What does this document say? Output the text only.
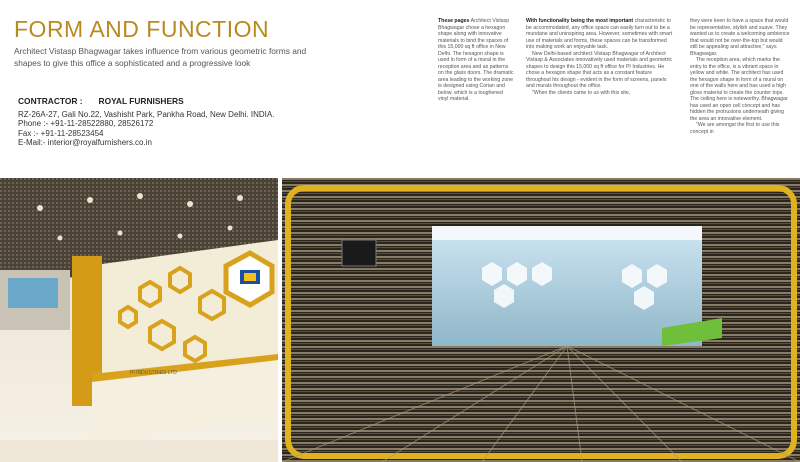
FORM AND FUNCTION
Architect Vistasp Bhagwagar takes influence from various geometric forms and shapes to give this office a sophisticated and a progressive look
CONTRACTOR : ROYAL FURNISHERS
RZ-26A-27, Gali No.22, Vashisht Park, Pankha Road, New Delhi. INDIA.
Phone :- +91-11-28522880, 28526172
Fax :- +91-11-28523454
E-Mail:- interior@royalfurnishers.co.in
These pages Architect Vistasp Bhagwagar chose a hexagon shape along with innovative materials to bind the spaces of this 15,000 sq ft office in New Delhi. The hexagon shape is used in form of a mural in the reception area and as patterns on the glass doors. The dramatic area leading to the working zone is designed using Corian and below, which is a toughened vinyl material.

With functionality being the most important characteristic to be accommodated, any office space can easily turn out to be a mundane and uninspiring area. However, sometimes with smart use of materials and forms, these spaces can be transformed into making work an enjoyable task.

New Delhi-based architect Vistasp Bhagwagar of Architect Vistasp & Associates innovatively used materials and geometric shapes to design this 15,000 sq ft office for PI Industries. He chose a hexagon shape that acts as a constant feature throughout his design - evident in the form of screens, panels and murals throughout the office.

"When the clients came to us with this site,

they were keen to have a space that would be representative, stylish and suave. They wanted us to create a welcoming ambience that would not be over-the-top but would still be appealing and attractive," says Bhagwagar.

The reception area, which marks the entry to the office, is a vibrant space in yellow and white. The architect has used the hexagon shape in form of a mural on one of the walls here and has used a high gloss material to create the counter tops. The ceiling here is noteworthy. Bhagwagar has used an open cell concept and has hidden the protrusions underneath giving the area an innovative element.

"We are amongst the first to use this concept in

PI INDUSTRIES LTD
